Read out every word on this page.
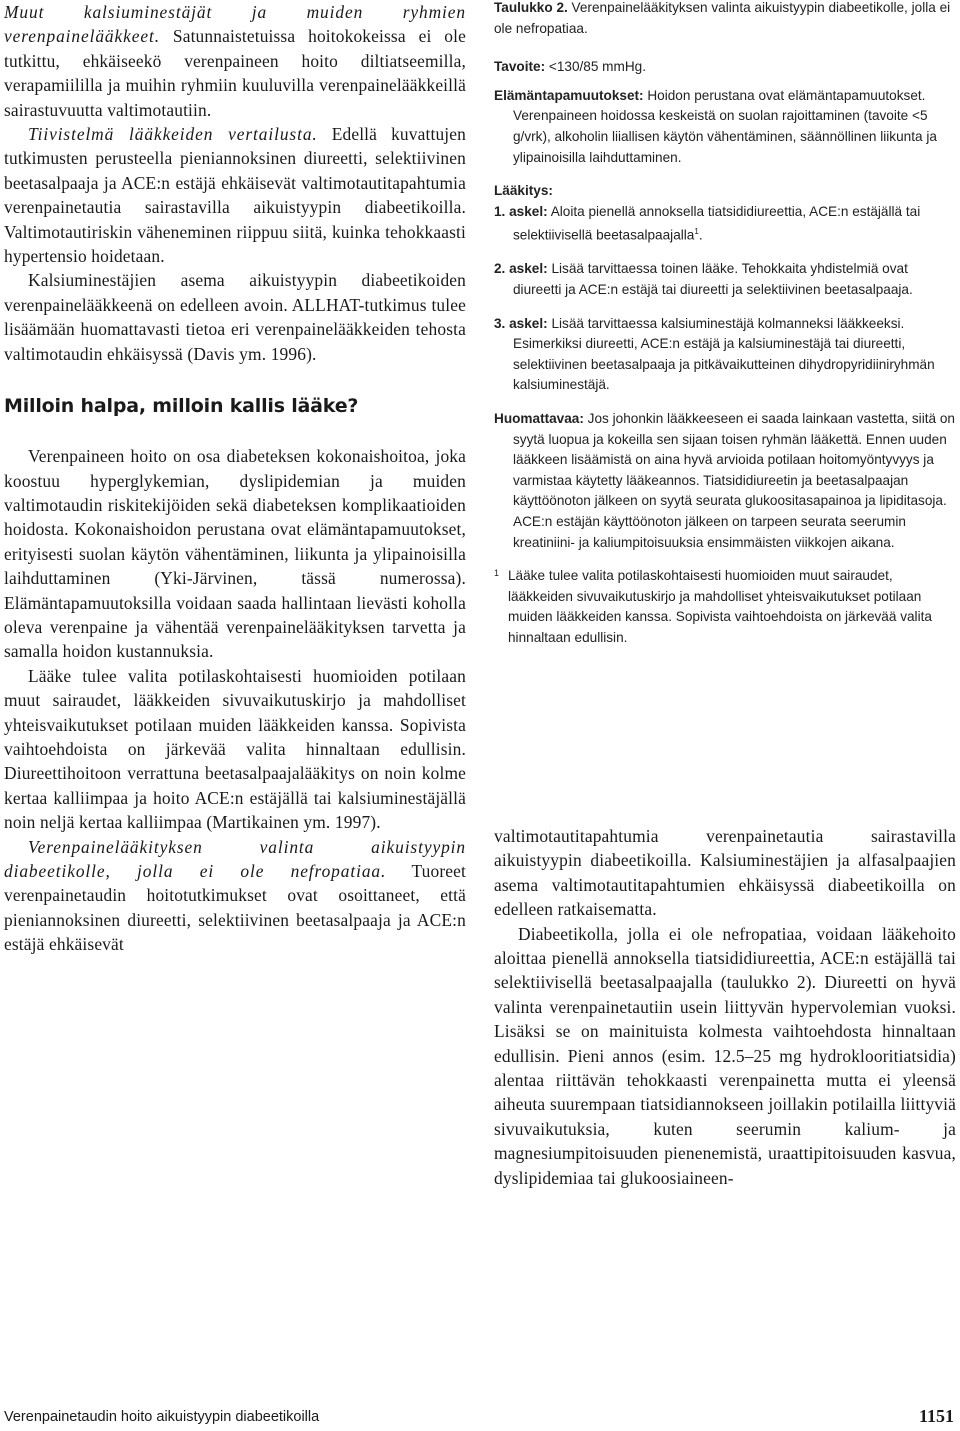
Muut kalsiuminestäjät ja muiden ryhmien verenpainelääkkeet. Satunnaistetuissa hoitokokeissa ei ole tutkittu, ehkäiseekö verenpaineen hoito diltiatseemilla, verapamiililla ja muihin ryhmiin kuuluvilla verenpainelääkkeillä sairastuvuutta valtimotautiin.

Tiivistelmä lääkkeiden vertailusta. Edellä kuvattujen tutkimusten perusteella pieniannoksinen diureetti, selektiivinen beetasalpaaja ja ACE:n estäjä ehkäisevät valtimotautitapahtumia verenpainetautia sairastavilla aikuistyypin diabeetikoilla. Valtimotautiriskin väheneminen riippuu siitä, kuinka tehokkaasti hypertensio hoidetaan.

Kalsiuminestäjien asema aikuistyypin diabeetikoiden verenpainelääkkeenä on edelleen avoin. ALLHAT-tutkimus tulee lisäämään huomattavasti tietoa eri verenpainelääkkeiden tehosta valtimotaudin ehkäisyssä (Davis ym. 1996).

Milloin halpa, milloin kallis lääke?

Verenpaineen hoito on osa diabeteksen kokonaishoitoa, joka koostuu hyperglykemian, dyslipidemian ja muiden valtimotaudin riskitekijöiden sekä diabeteksen komplikaatioiden hoidosta. Kokonaishoidon perustana ovat elämäntapamuutokset, erityisesti suolan käytön vähentäminen, liikunta ja ylipainoisilla laihduttaminen (Yki-Järvinen, tässä numerossa). Elämäntapamuutoksilla voidaan saada hallintaan lievästi koholla oleva verenpaine ja vähentää verenpainelääkityksen tarvetta ja samalla hoidon kustannuksia.

Lääke tulee valita potilaskohtaisesti huomioiden potilaan muut sairaudet, lääkkeiden sivuvaikutuskirjo ja mahdolliset yhteisvaikutukset potilaan muiden lääkkeiden kanssa. Sopivista vaihtoehdoista on järkevää valita hinnaltaan edullisin. Diureettihoitoon verrattuna beetasalpaajalääkitys on noin kolme kertaa kalliimpaa ja hoito ACE:n estäjällä tai kalsiuminestäjällä noin neljä kertaa kalliimpaa (Martikainen ym. 1997).

Verenpainelääkityksen valinta aikuistyypin diabeetikolle, jolla ei ole nefropatiaa. Tuoreet verenpainetaudin hoitotutkimukset ovat osoittaneet, että pieniannoksinen diureetti, selektiivinen beetasalpaaja ja ACE:n estäjä ehkäisevät

Taulukko 2. Verenpainelääkityksen valinta aikuistyypin diabeetikolle, jolla ei ole nefropatiaa.

Tavoite: <130/85 mmHg.

Elämäntapamuutokset: Hoidon perustana ovat elämäntapamuutokset. Verenpaineen hoidossa keskeistä on suolan rajoittaminen (tavoite <5 g/vrk), alkoholin liiallisen käytön vähentäminen, säännöllinen liikunta ja ylipainoisilla laihduttaminen.

Lääkitys:

1. askel: Aloita pienellä annoksella tiatsididiureettia, ACE:n estäjällä tai selektiivisellä beetasalpaajalla$^1$.

2. askel: Lisää tarvittaessa toinen lääke. Tehokkaita yhdistelmiä ovat diureetti ja ACE:n estäjä tai diureetti ja selektiivinen beetasalpaaja.

3. askel: Lisää tarvittaessa kalsiuminestäjä kolmanneksi lääkkeeksi. Esimerkiksi diureetti, ACE:n estäjä ja kalsiuminestäjä tai diureetti, selektiivinen beetasalpaaja ja pitkävaikutteinen dihydropyridiiniryhmän kalsiuminestäjä.

Huomattavaa: Jos johonkin lääkkeeseen ei saada lainkaan vastetta, siitä on syytä luopua ja kokeilla sen sijaan toisen ryhmän lääkettä. Ennen uuden lääkkeen lisäämistä on aina hyvä arvioida potilaan hoitomyöntyvyys ja varmistaa käytetty lääkeannos. Tiatsididiureetin ja beetasalpaajan käyttöönoton jälkeen on syytä seurata glukoositasapainoa ja lipiditasoja. ACE:n estäjän käyttöönoton jälkeen on tarpeen seurata seerumin kreatiniini- ja kaliumpitoisuuksia ensimmäisten viikkojen aikana.

1 Lääke tulee valita potilaskohtaisesti huomioiden muut sairaudet, lääkkeiden sivuvaikutuskirjo ja mahdolliset yhteisvaikutukset potilaan muiden lääkkeiden kanssa. Sopivista vaihtoehdoista on järkevää valita hinnaltaan edullisin.

valtimotautitapahtumia verenpainetautia sairastavilla aikuistyypin diabeetikoilla. Kalsiuminestäjien ja alfasalpaajien asema valtimotautitapahtumien ehkäisyssä diabeetikoilla on edelleen ratkaisematta.

Diabeetikolla, jolla ei ole nefropatiaa, voidaan lääkehoito aloittaa pienellä annoksella tiatsididiureettia, ACE:n estäjällä tai selektiivisellä beetasalpaajalla (taulukko 2). Diureetti on hyvä valinta verenpainetautiin usein liittyvän hypervolemian vuoksi. Lisäksi se on mainituista kolmesta vaihtoehdosta hinnaltaan edullisin. Pieni annos (esim. 12.5–25 mg hydroklooritiatsidia) alentaa riittävän tehokkaasti verenpainetta mutta ei yleensä aiheuta suurempaan tiatsidiannokseen joillakin potilailla liittyviä sivuvaikutuksia, kuten seerumin kalium- ja magnesiumpitoisuuden pienenemistä, uraattipitoisuuden kasvua, dyslipidemiaa tai glukoosiaineen-

Verenpainetaudin hoito aikuistyypin diabeetikoilla	1151
